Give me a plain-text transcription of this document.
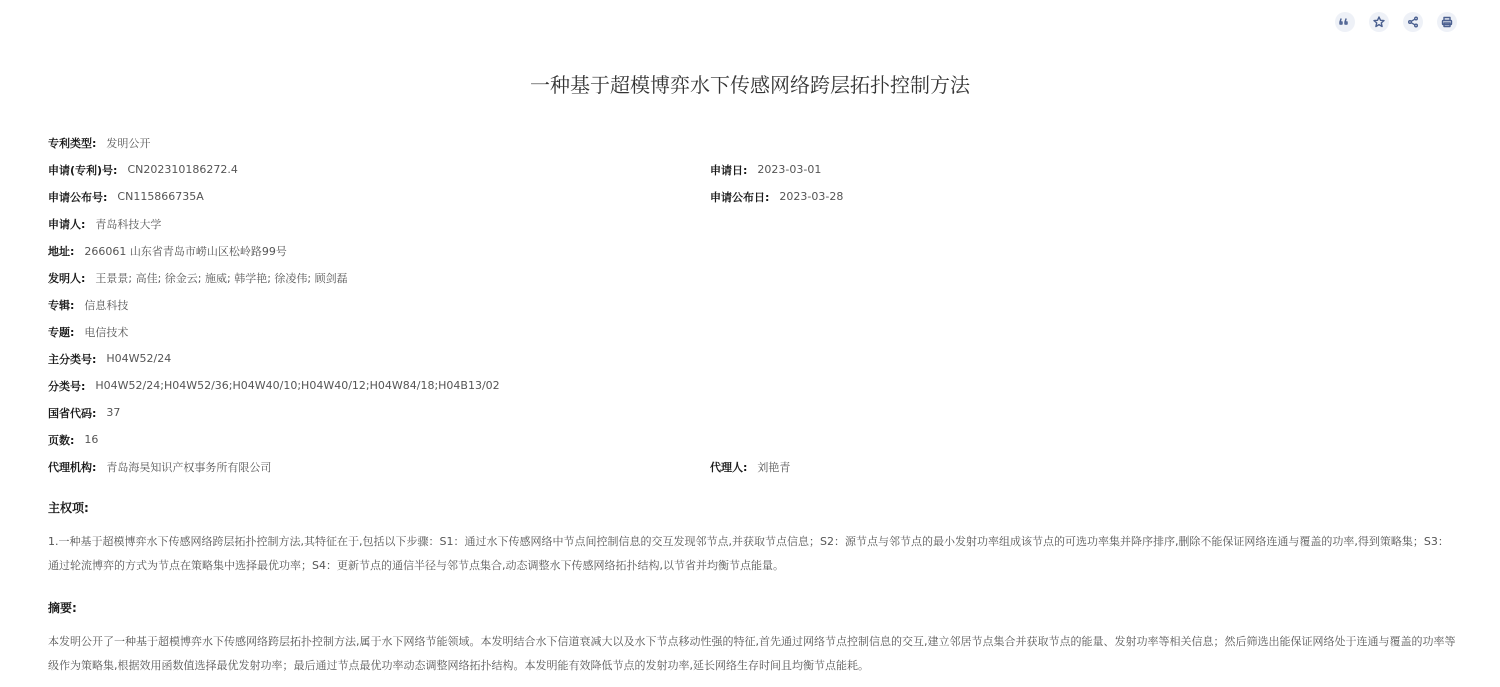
一种基于超模博弈水下传感网络跨层拓扑控制方法
专利类型: 发明公开
申请(专利)号: CN202310186272.4	申请日: 2023-03-01
申请公布号: CN115866735A	申请公布日: 2023-03-28
申请人: 青岛科技大学
地址: 266061 山东省青岛市崂山区松岭路99号
发明人: 王景景; 高佳; 徐金云; 施威; 韩学艳; 徐凌伟; 顾剑磊
专辑: 信息科技
专题: 电信技术
主分类号: H04W52/24
分类号: H04W52/24;H04W52/36;H04W40/10;H04W40/12;H04W84/18;H04B13/02
国省代码: 37
页数: 16
代理机构: 青岛海昊知识产权事务所有限公司	代理人: 刘艳青
主权项:
1.一种基于超模博弈水下传感网络跨层拓扑控制方法,其特征在于,包括以下步骤：S1：通过水下传感网络中节点间控制信息的交互发现邻节点,并获取节点信息；S2：源节点与邻节点的最小发射功率组成该节点的可选功率集并降序排序,删除不能保证网络连通与覆盖的功率,得到策略集；S3：通过轮流博弈的方式为节点在策略集中选择最优功率；S4：更新节点的通信半径与邻节点集合,动态调整水下传感网络拓扑结构,以节省并均衡节点能量。
摘要:
本发明公开了一种基于超模博弈水下传感网络跨层拓扑控制方法,属于水下网络节能领域。本发明结合水下信道衰减大以及水下节点移动性强的特征,首先通过网络节点控制信息的交互,建立邻居节点集合并获取节点的能量、发射功率等相关信息；然后筛选出能保证网络处于连通与覆盖的功率等级作为策略集,根据效用函数值选择最优发射功率；最后通过节点最优功率动态调整网络拓扑结构。本发明能有效降低节点的发射功率,延长网络生存时间且均衡节点能耗。
